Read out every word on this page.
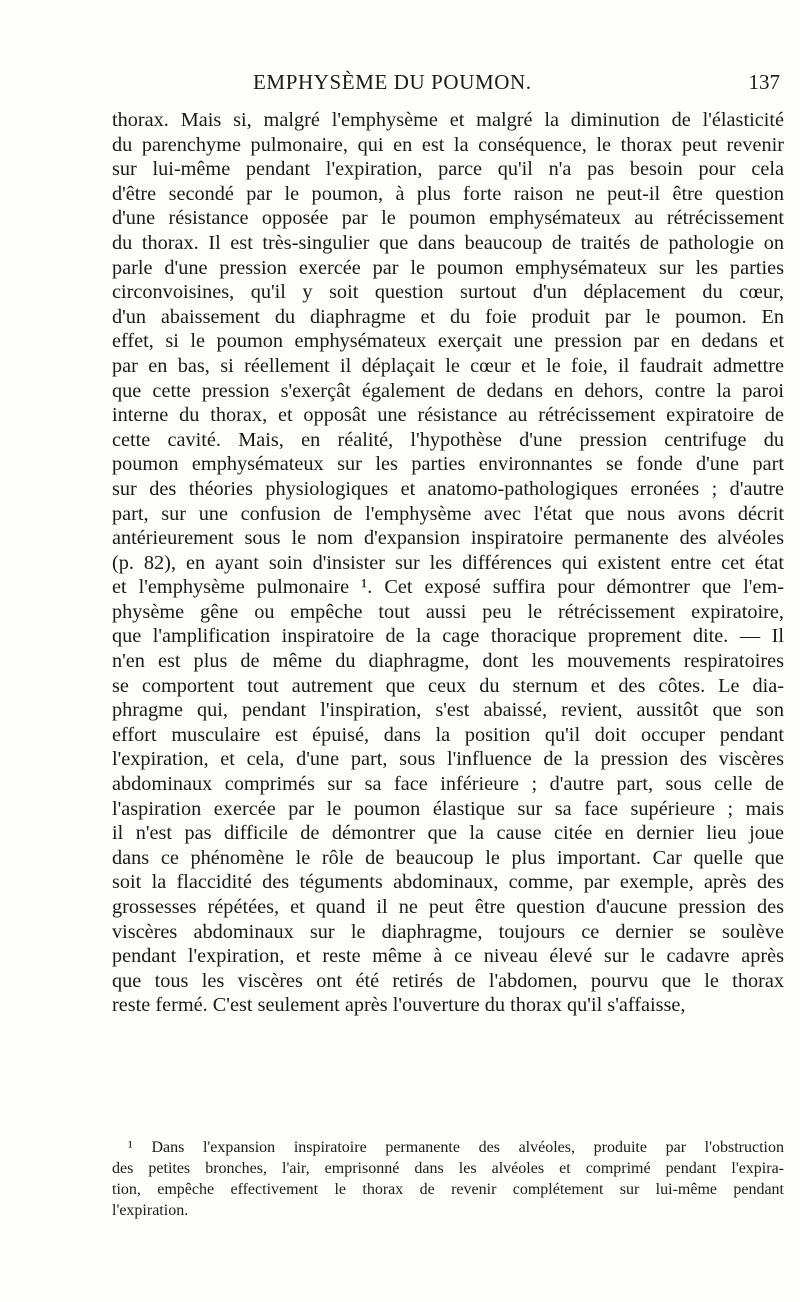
EMPHYSÈME DU POUMON.	137
thorax. Mais si, malgré l'emphysème et malgré la diminution de l'élasticité
du parenchyme pulmonaire, qui en est la conséquence, le thorax peut revenir
sur lui-même pendant l'expiration, parce qu'il n'a pas besoin pour cela
d'être secondé par le poumon, à plus forte raison ne peut-il être question
d'une résistance opposée par le poumon emphysémateux au rétrécissement
du thorax. Il est très-singulier que dans beaucoup de traités de pathologie on
parle d'une pression exercée par le poumon emphysémateux sur les parties
circonvoisines, qu'il y soit question surtout d'un déplacement du cœur,
d'un abaissement du diaphragme et du foie produit par le poumon. En
effet, si le poumon emphysémateux exerçait une pression par en dedans et
par en bas, si réellement il déplaçait le cœur et le foie, il faudrait admettre
que cette pression s'exerçât également de dedans en dehors, contre la paroi
interne du thorax, et opposât une résistance au rétrécissement expiratoire de
cette cavité. Mais, en réalité, l'hypothèse d'une pression centrifuge du
poumon emphysémateux sur les parties environnantes se fonde d'une part
sur des théories physiologiques et anatomo-pathologiques erronées ; d'autre
part, sur une confusion de l'emphysème avec l'état que nous avons décrit
antérieurement sous le nom d'expansion inspiratoire permanente des alvéoles
(p. 82), en ayant soin d'insister sur les différences qui existent entre cet état
et l'emphysème pulmonaire ¹. Cet exposé suffira pour démontrer que l'em-
physème gêne ou empêche tout aussi peu le rétrécissement expiratoire,
que l'amplification inspiratoire de la cage thoracique proprement dite. — Il
n'en est plus de même du diaphragme, dont les mouvements respiratoires
se comportent tout autrement que ceux du sternum et des côtes. Le dia-
phragme qui, pendant l'inspiration, s'est abaissé, revient, aussitôt que son
effort musculaire est épuisé, dans la position qu'il doit occuper pendant
l'expiration, et cela, d'une part, sous l'influence de la pression des viscères
abdominaux comprimés sur sa face inférieure ; d'autre part, sous celle de
l'aspiration exercée par le poumon élastique sur sa face supérieure ; mais
il n'est pas difficile de démontrer que la cause citée en dernier lieu joue
dans ce phénomène le rôle de beaucoup le plus important. Car quelle que
soit la flaccidité des téguments abdominaux, comme, par exemple, après des
grossesses répétées, et quand il ne peut être question d'aucune pression des
viscères abdominaux sur le diaphragme, toujours ce dernier se soulève
pendant l'expiration, et reste même à ce niveau élevé sur le cadavre après
que tous les viscères ont été retirés de l'abdomen, pourvu que le thorax
reste fermé. C'est seulement après l'ouverture du thorax qu'il s'affaisse,
¹ Dans l'expansion inspiratoire permanente des alvéoles, produite par l'obstruction
des petites bronches, l'air, emprisonné dans les alvéoles et comprimé pendant l'expira-
tion, empêche effectivement le thorax de revenir complétement sur lui-même pendant
l'expiration.
